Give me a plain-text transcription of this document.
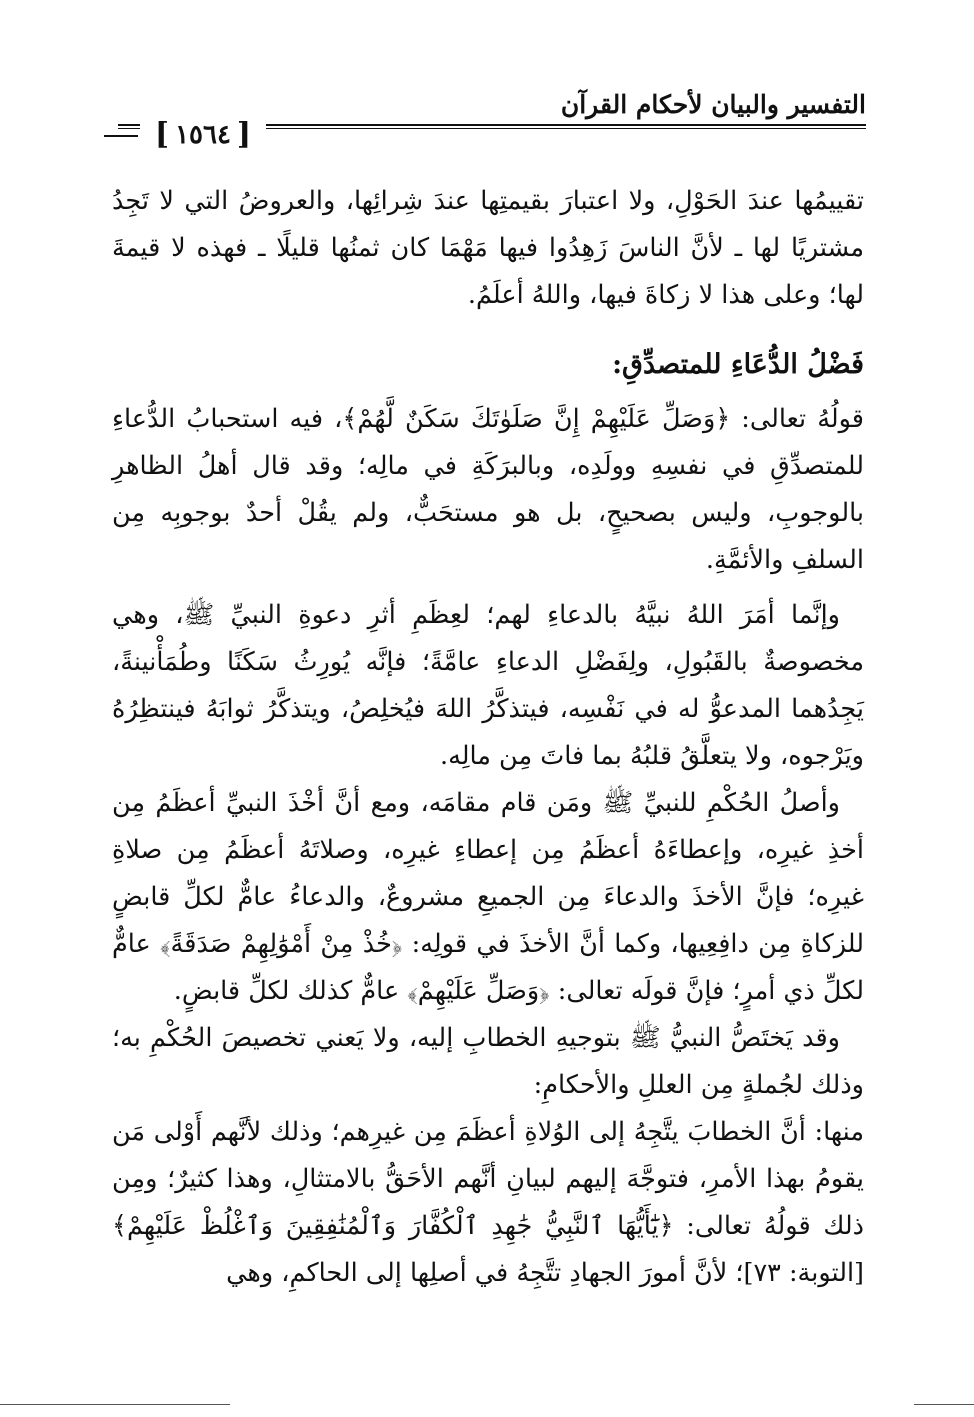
التفسير والبيان لأحكام القرآن
[ ١٥٦٤ ]

تقييمُها عندَ الحَوْلِ، ولا اعتبارَ بقيمتِها عندَ شِرائِها، والعروضُ التي لا تَجِدُ مشتريًا لها ـ لأنَّ الناسَ زَهِدُوا فيها مَهْمَا كان ثمنُها قليلًا ـ فهذه لا قيمةَ لها؛ وعلى هذا لا زكاةَ فيها، واللهُ أعلَمُ.

فَضْلُ الدُّعَاءِ للمتصدِّقِ:

قولُهُ تعالى: ﴿وَصَلِّ عَلَيْهِمْ إِنَّ صَلَوٰتَكَ سَكَنٌ لَّهُمْ﴾، فيه استحبابُ الدُّعاءِ للمتصدِّقِ في نفسِهِ وولَدِه، وبالبرَكَةِ في مالِه؛ وقد قال أهلُ الظاهرِ بالوجوبِ، وليس بصحيحٍ، بل هو مستحَبٌّ، ولم يقُلْ أحدٌ بوجوبِه مِن السلفِ والأئمَّةِ.

وإنَّما أمَرَ اللهُ نبيَّهُ بالدعاءِ لهم؛ لعِظَمِ أثرِ دعوةِ النبيِّ ﷺ، وهي مخصوصةٌ بالقَبُولِ، ولِفَضْلِ الدعاءِ عامَّةً؛ فإنَّه يُورِثُ سَكَنًا وطُمَأْنينةً، يَجِدُهما المدعوُّ له في نَفْسِه، فيتذكَّرُ اللهَ فيُخلِصُ، ويتذكَّرُ ثوابَهُ فينتظِرُهُ ويَرْجوه، ولا يتعلَّقُ قلبُهُ بما فاتَ مِن مالِه.

وأصلُ الحُكْمِ للنبيِّ ﷺ ومَن قام مقامَه، ومع أنَّ أخْذَ النبيِّ أعظَمُ مِن أخذِ غيرِه، وإعطاءَهُ أعظَمُ مِن إعطاءِ غيرِه، وصلاتَهُ أعظَمُ مِن صلاةِ غيرِه؛ فإنَّ الأخذَ والدعاءَ مِن الجميعِ مشروعٌ، والدعاءُ عامٌّ لكلِّ قابضٍ للزكاةِ مِن دافِعِيها، وكما أنَّ الأخذَ في قولِه: ﴿خُذْ مِنْ أَمْوَٰلِهِمْ صَدَقَةً﴾ عامٌّ لكلِّ ذي أمرٍ؛ فإنَّ قولَه تعالى: ﴿وَصَلِّ عَلَيْهِمْ﴾ عامٌّ كذلك لكلِّ قابضٍ.

وقد يَختَصُّ النبيُّ ﷺ بتوجيهِ الخطابِ إليه، ولا يَعني تخصيصَ الحُكْمِ به؛ وذلك لجُملةٍ مِن العللِ والأحكامِ:

منها: أنَّ الخطابَ يتَّجِهُ إلى الوُلاةِ أعظَمَ مِن غيرِهم؛ وذلك لأنَّهم أَوْلى مَن يقومُ بهذا الأمرِ، فتوجَّهَ إليهم لبيانِ أنَّهم الأحَقُّ بالامتثالِ، وهذا كثيرٌ؛ ومِن ذلك قولُهُ تعالى: ﴿يَٰٓأَيُّهَا ٱلنَّبِيُّ جَٰهِدِ ٱلْكُفَّارَ وَٱلْمُنَٰفِقِينَ وَٱغْلُظْ عَلَيْهِمْ﴾ [التوبة: ٧٣]؛ لأنَّ أمورَ الجهادِ تتَّجِهُ في أصلِها إلى الحاكمِ، وهي
